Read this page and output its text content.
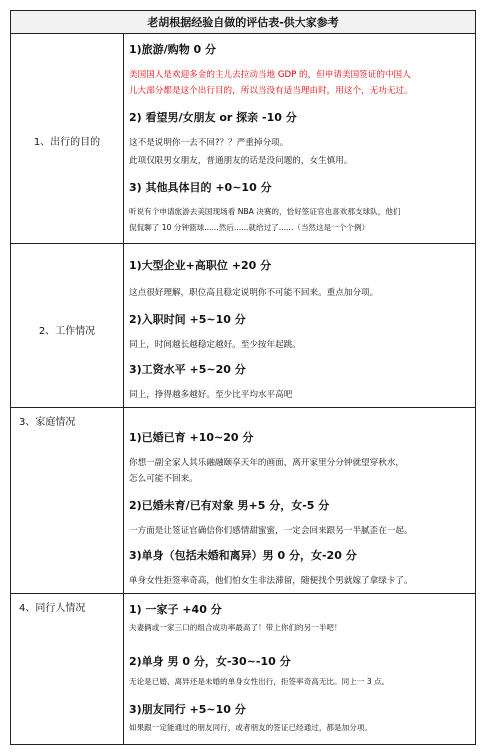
老胡根据经验自做的评估表-供大家参考
1、出行的目的
1)旅游/购物 0 分
美国国人是欢迎多金的主儿去拉动当地 GDP 的，但申请美国签证的中国人
儿大部分都是这个出行目的，所以当没有适当理由时，用这个，无功无过。
2) 看望男/女朋友 or 探亲 -10 分
这不是说明你一去不回?？？严重掉分项。
此项仅限男女朋友，普通朋友的话是没问题的，女生慎用。
3) 其他具体目的 +0~10 分
听说有个申请旅游去美国现场看 NBA 决赛的，恰好签证官也喜欢那支球队，他们
侃侃聊了 10 分钟篮球......然后......就给过了......（当然这是一个个例）
2、工作情况
1)大型企业+高职位 +20 分
这点很好理解，职位高且稳定说明你不可能不回来。重点加分项。
2)入职时间 +5~10 分
同上，时间越长越稳定越好。至少按年起跳。
3)工资水平 +5~20 分
同上，挣得越多越好。至少比平均水平高吧
3、家庭情况
1)已婚已育 +10~20 分
你想一副全家人其乐融融颐享天年的画面，离开家里分分钟就望穿秋水，
怎么可能不回来。
2)已婚未育/已有对象 男+5 分，女-5 分
一方面是让签证官确信你们感情甜蜜蜜，一定会回来跟另一半腻歪在一起。
3)单身（包括未婚和离异）男 0 分，女-20 分
单身女性拒签率奇高，他们怕女生非法滞留，随便找个男就嫁了拿绿卡了。
4、同行人情况	1) 一家子 +40 分
夫妻俩或一家三口的组合成功率最高了！带上你们的另一半吧！
2)单身 男 0 分，女-30~-10 分
无论是已婚、离异还是未婚的单身女性出行，拒签率奇高无比。同上一 3 点。
3)朋友同行 +5~10 分
如果跟一定能通过的朋友同行，或者朋友的签证已经通过，都是加分项。
